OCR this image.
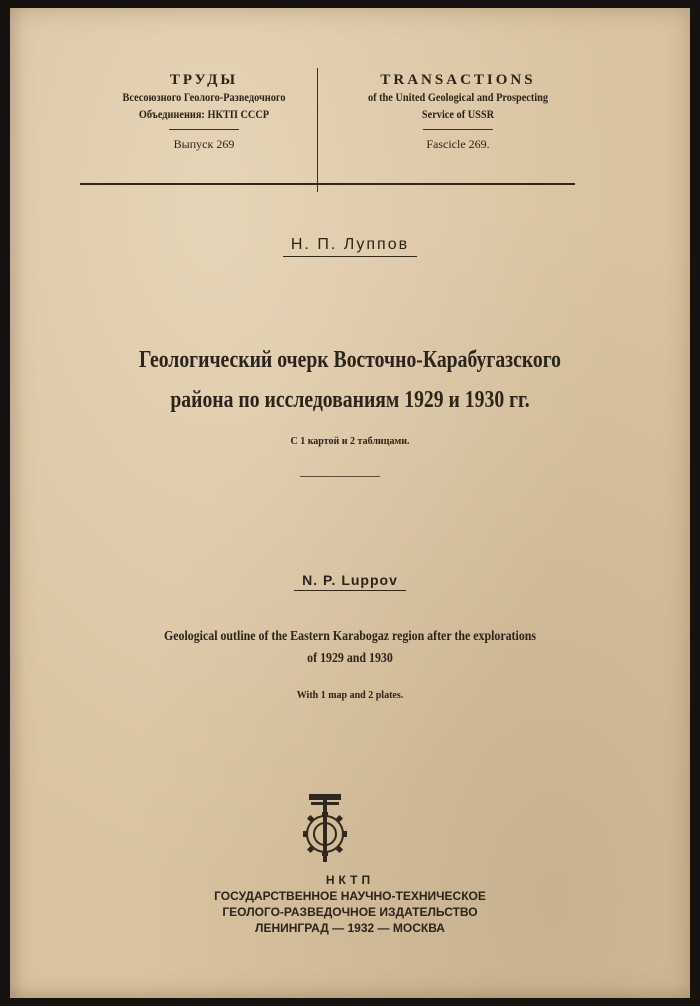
ТРУДЫ
Всесоюзного Геолого-Разведочного
Объединения: НКТП СССР
Выпуск 269
TRANSACTIONS
of the United Geological and Prospecting
Service of USSR
Fascicle 269.
Н. П. Луппов
Геологический очерк Восточно-Карабугазского
района по исследованиям 1929 и 1930 гг.
С 1 картой и 2 таблицами.
N. P. Luppov
Geological outline of the Eastern Karabogaz region after the explorations
of 1929 and 1930
With 1 map and 2 plates.
НКТП
ГОСУДАРСТВЕННОЕ НАУЧНО-ТЕХНИЧЕСКОЕ
ГЕОЛОГО-РАЗВЕДОЧНОЕ ИЗДАТЕЛЬСТВО
ЛЕНИНГРАД — 1932 — МОСКВА
